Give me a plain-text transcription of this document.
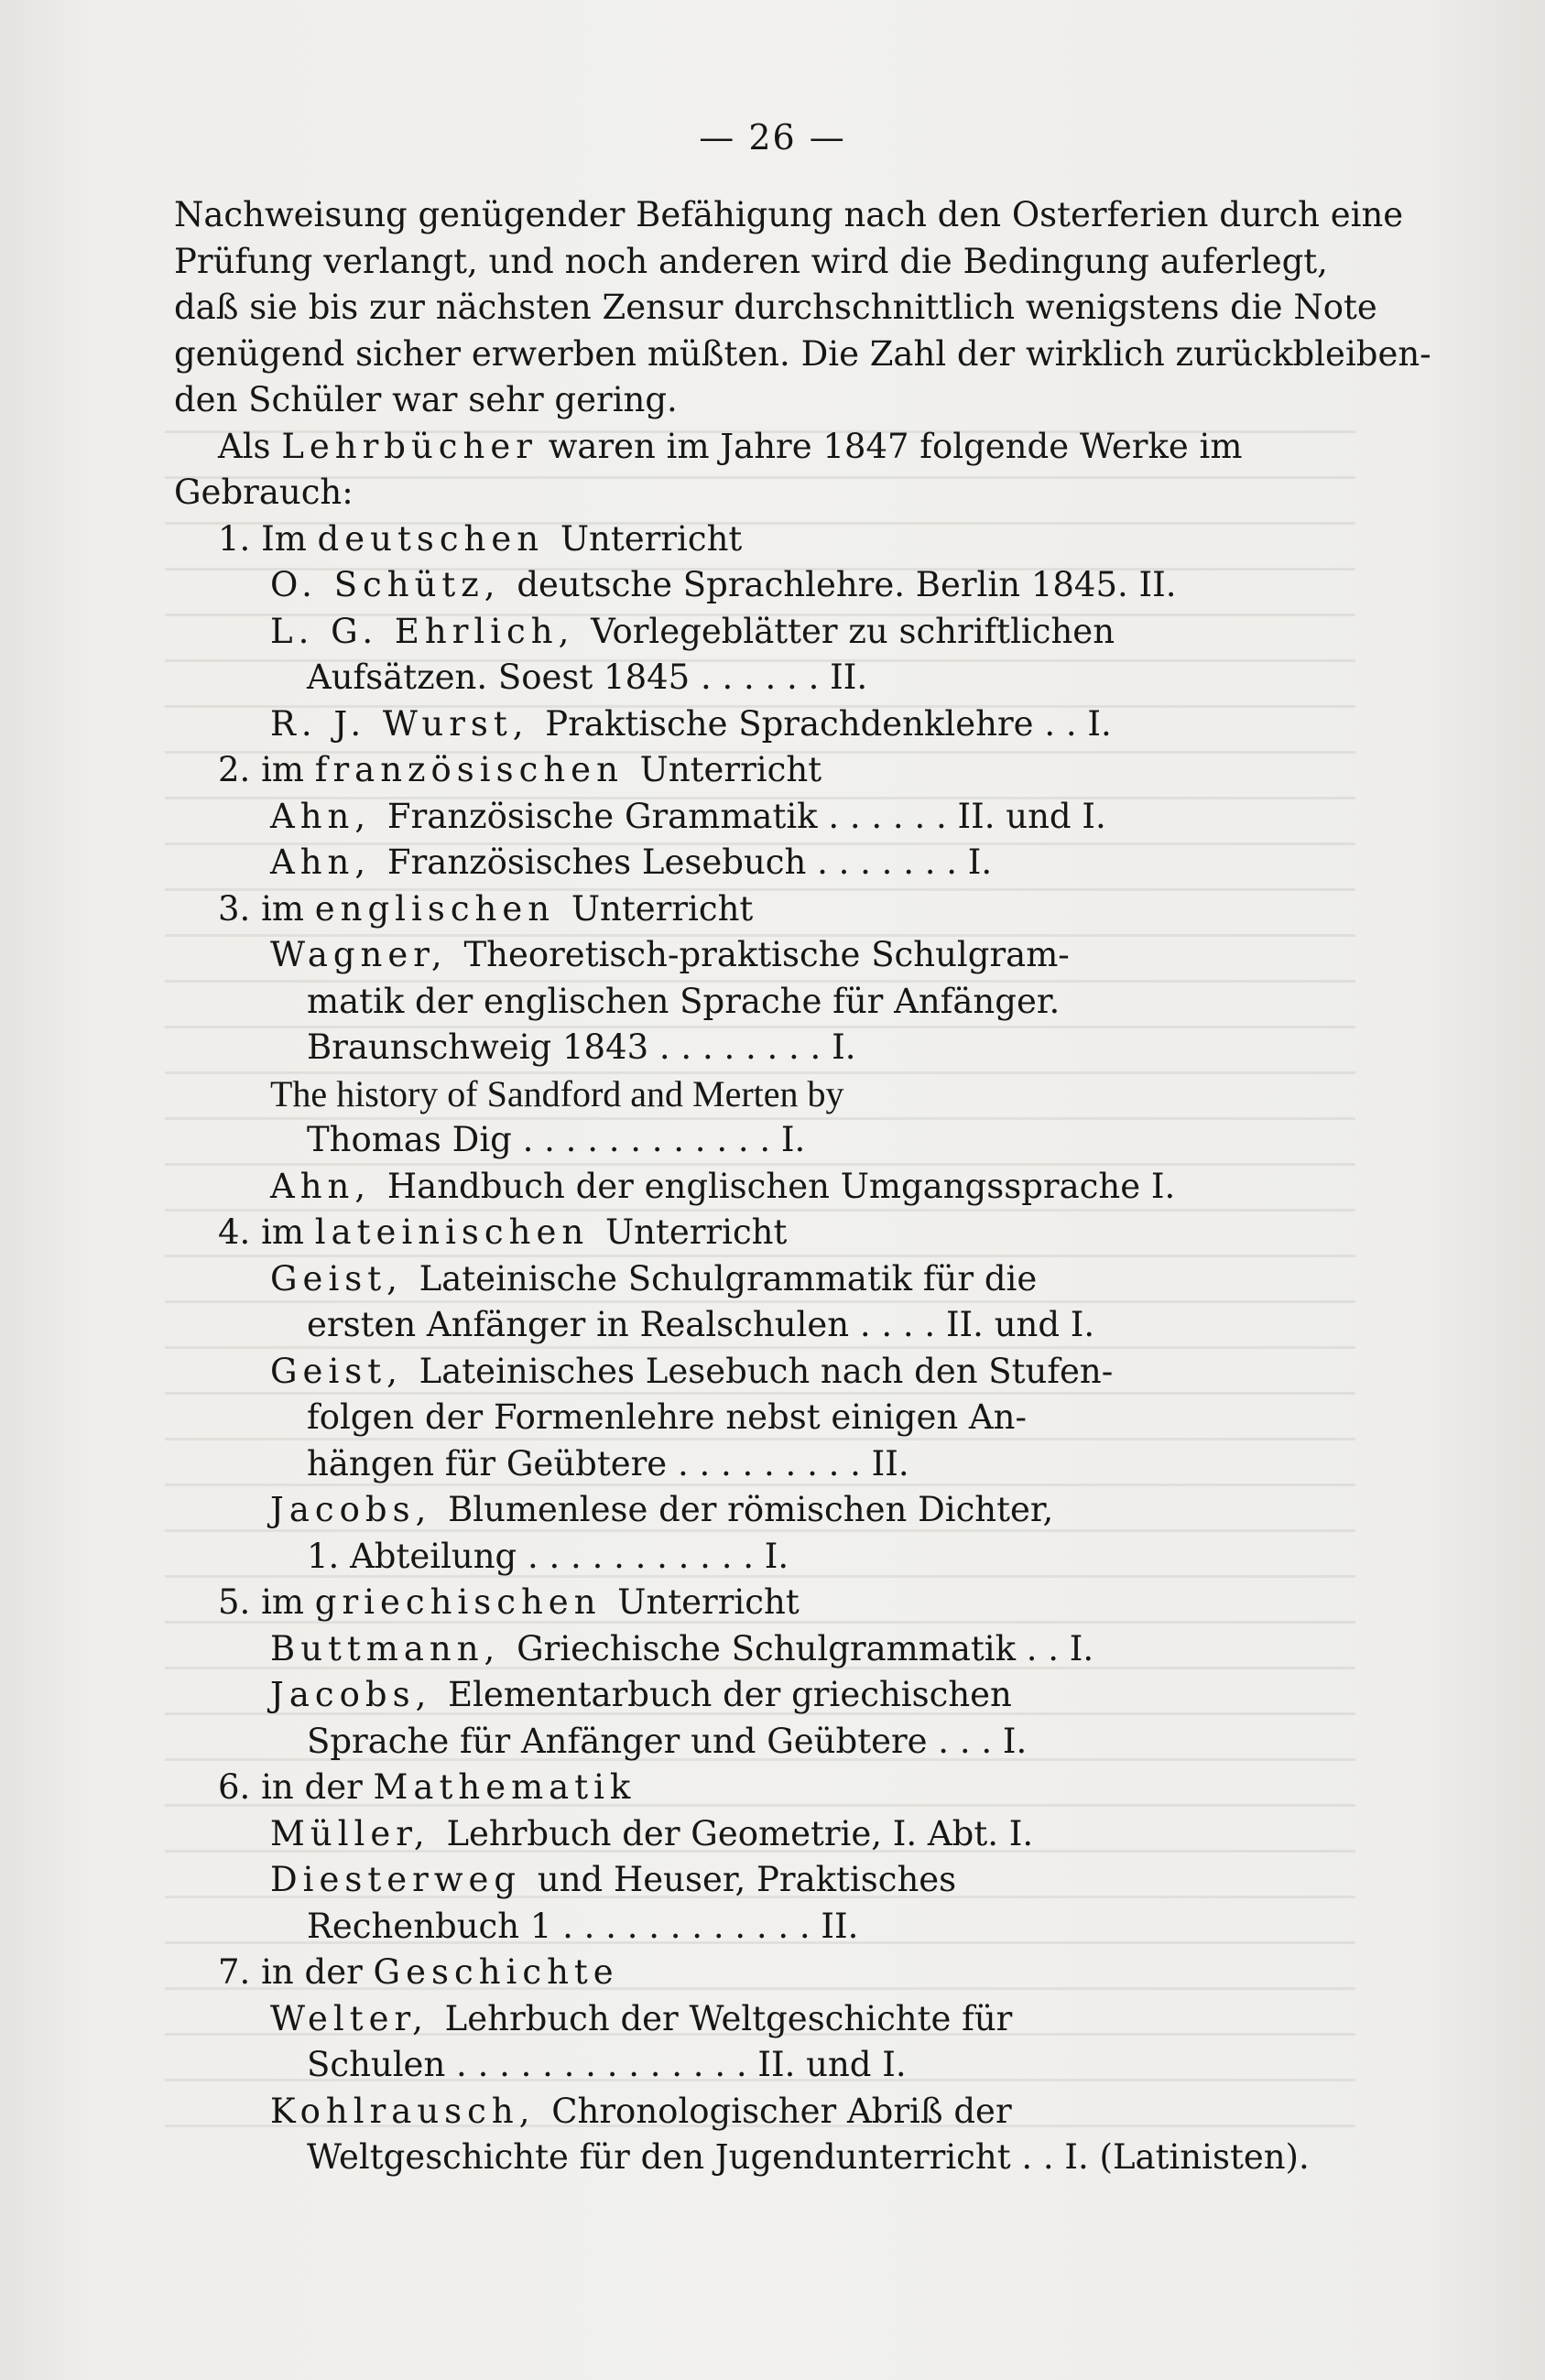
— 26 —
Nachweisung genügender Befähigung nach den Osterferien durch eine
Prüfung verlangt, und noch anderen wird die Bedingung auferlegt,
daß sie bis zur nächsten Zensur durchschnittlich wenigstens die Note
genügend sicher erwerben müßten. Die Zahl der wirklich zurückbleiben-
den Schüler war sehr gering.
Als Lehrbücher waren im Jahre 1847 folgende Werke im
Gebrauch:
1. Im deutschen Unterricht
O. Schütz, deutsche Sprachlehre. Berlin 1845. II.
L. G. Ehrlich, Vorlegeblätter zu schriftlichen
Aufsätzen. Soest 1845 . . . . . . II.
R. J. Wurst, Praktische Sprachdenklehre . . I.
2. im französischen Unterricht
Ahn, Französische Grammatik . . . . . . II. und I.
Ahn, Französisches Lesebuch . . . . . . . I.
3. im englischen Unterricht
Wagner, Theoretisch-praktische Schulgram-
matik der englischen Sprache für Anfänger.
Braunschweig 1843 . . . . . . . . I.
The history of Sandford and Merten by
Thomas Dig . . . . . . . . . . . . I.
Ahn, Handbuch der englischen Umgangssprache I.
4. im lateinischen Unterricht
Geist, Lateinische Schulgrammatik für die
ersten Anfänger in Realschulen . . . . II. und I.
Geist, Lateinisches Lesebuch nach den Stufen-
folgen der Formenlehre nebst einigen An-
hängen für Geübtere . . . . . . . . . II.
Jacobs, Blumenlese der römischen Dichter,
1. Abteilung . . . . . . . . . . . I.
5. im griechischen Unterricht
Buttmann, Griechische Schulgrammatik . . I.
Jacobs, Elementarbuch der griechischen
Sprache für Anfänger und Geübtere . . . I.
6. in der Mathematik
Müller, Lehrbuch der Geometrie, I. Abt. I.
Diesterweg und Heuser, Praktisches
Rechenbuch 1 . . . . . . . . . . . . II.
7. in der Geschichte
Welter, Lehrbuch der Weltgeschichte für
Schulen . . . . . . . . . . . . . . II. und I.
Kohlrausch, Chronologischer Abriß der
Weltgeschichte für den Jugendunterricht . . I. (Latinisten).
